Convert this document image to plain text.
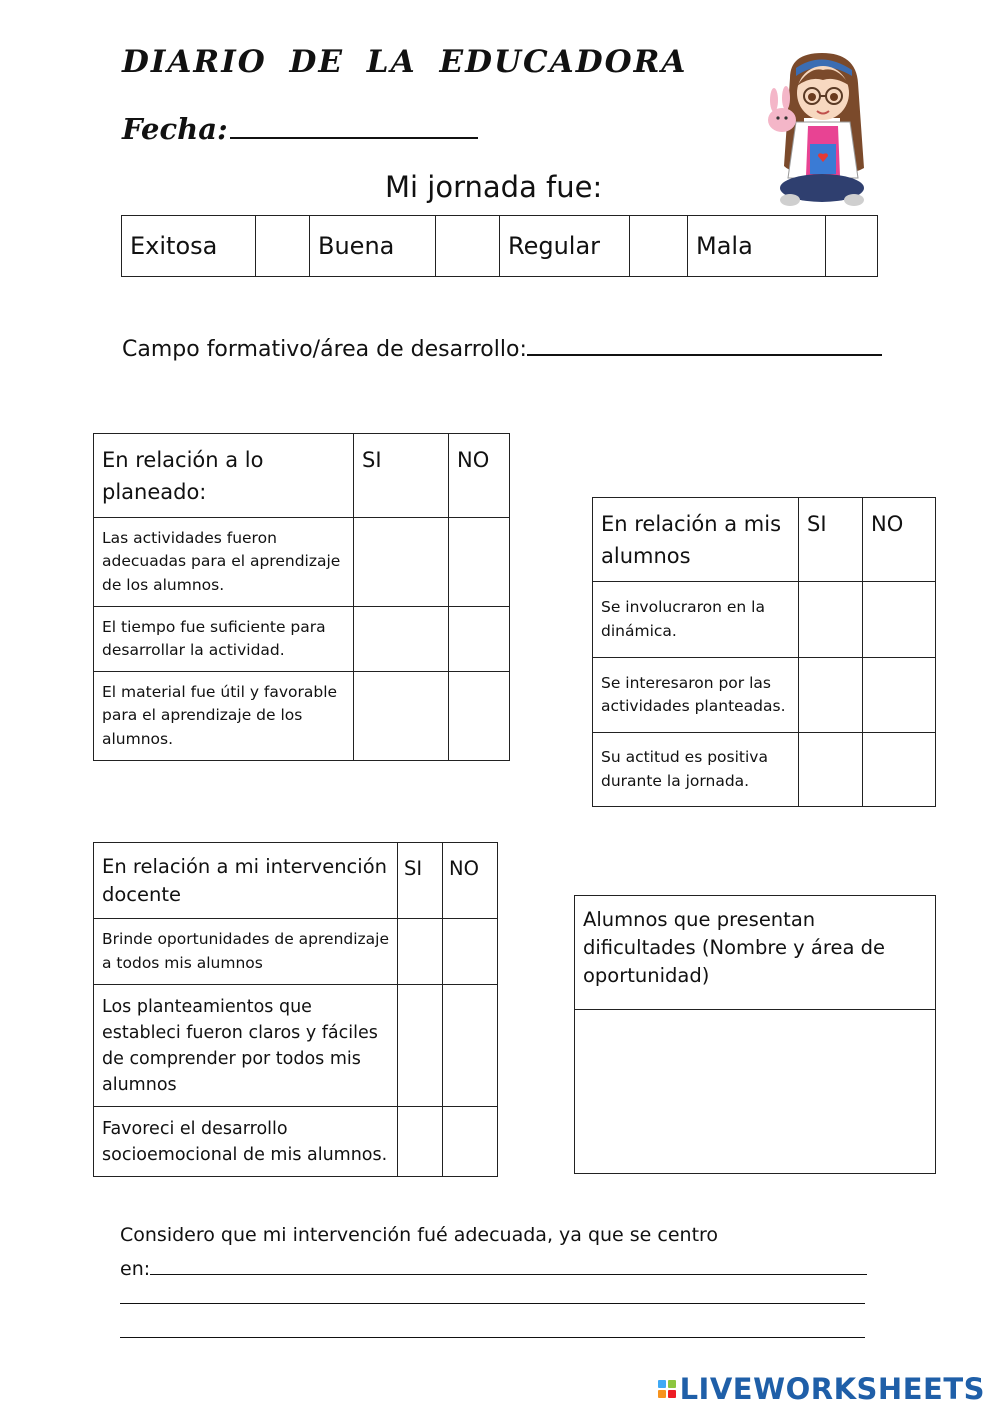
DIARIO DE LA EDUCADORA
Fecha:
Mi jornada fue:
Exitosa		Buena		Regular		Mala	
Campo formativo/área de desarrollo:
En relación a lo planeado:	SI	NO
Las actividades fueron adecuadas para el aprendizaje de los alumnos.		
El tiempo fue suficiente para desarrollar la actividad.		
El material fue útil y favorable para el aprendizaje de los alumnos.		
En relación a mis alumnos	SI	NO
Se involucraron en la dinámica.		
Se interesaron por las actividades planteadas.		
Su actitud es positiva durante la jornada.		
En relación a mi intervención docente	SI	NO
Brinde oportunidades de aprendizaje a todos mis alumnos		
Los planteamientos que estableci fueron claros y fáciles de comprender por todos mis alumnos		
Favoreci el desarrollo socioemocional de mis alumnos.		
Alumnos que presentan dificultades (Nombre y área de oportunidad)

Considero que mi intervención fué adecuada, ya que se centro
en:
LIVEWORKSHEETS
